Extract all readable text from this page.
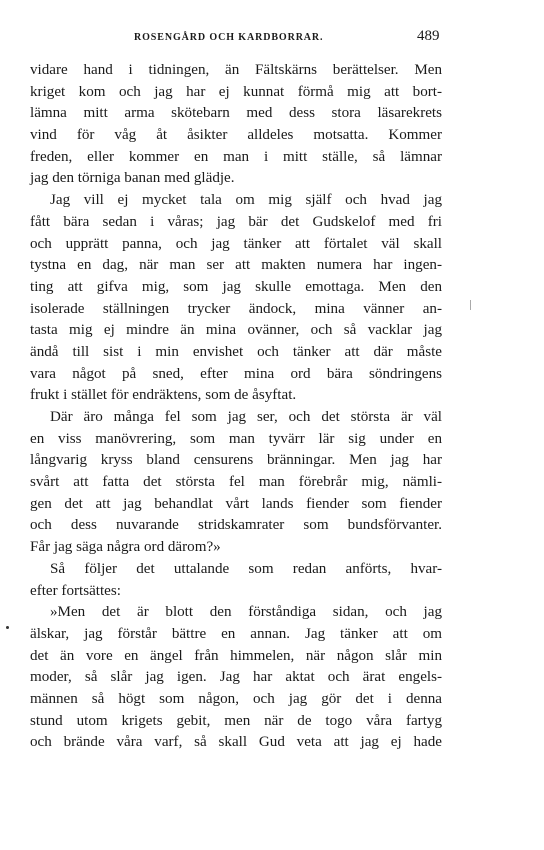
ROSENGÅRD OCH KARDBORRAR.	489
vidare hand i tidningen, än Fältskärns berättelser. Men
kriget kom och jag har ej kunnat förmå mig att bort-
lämna mitt arma skötebarn med dess stora läsarekrets
vind för våg åt åsikter alldeles motsatta. Kommer
freden, eller kommer en man i mitt ställe, så lämnar
jag den törniga banan med glädje.
Jag vill ej mycket tala om mig själf och hvad jag
fått bära sedan i våras; jag bär det Gudskelof med fri
och upprätt panna, och jag tänker att förtalet väl skall
tystna en dag, när man ser att makten numera har ingen-
ting att gifva mig, som jag skulle emottaga. Men den
isolerade ställningen trycker ändock, mina vänner an-
tasta mig ej mindre än mina ovänner, och så vacklar jag
ändå till sist i min envishet och tänker att där måste
vara något på sned, efter mina ord bära söndringens
frukt i stället för endräktens, som de åsyftat.
Där äro många fel som jag ser, och det största är väl
en viss manövrering, som man tyvärr lär sig under en
långvarig kryss bland censurens bränningar. Men jag har
svårt att fatta det största fel man förebrår mig, nämli-
gen det att jag behandlat vårt lands fiender som fiender
och dess nuvarande stridskamrater som bundsförvanter.
Får jag säga några ord därom?»
Så följer det uttalande som redan anförts, hvar-
efter fortsättes:
»Men det är blott den förståndiga sidan, och jag
älskar, jag förstår bättre en annan. Jag tänker att om
det än vore en ängel från himmelen, när någon slår min
moder, så slår jag igen. Jag har aktat och ärat engels-
männen så högt som någon, och jag gör det i denna
stund utom krigets gebit, men när de togo våra fartyg
och brände våra varf, så skall Gud veta att jag ej hade
